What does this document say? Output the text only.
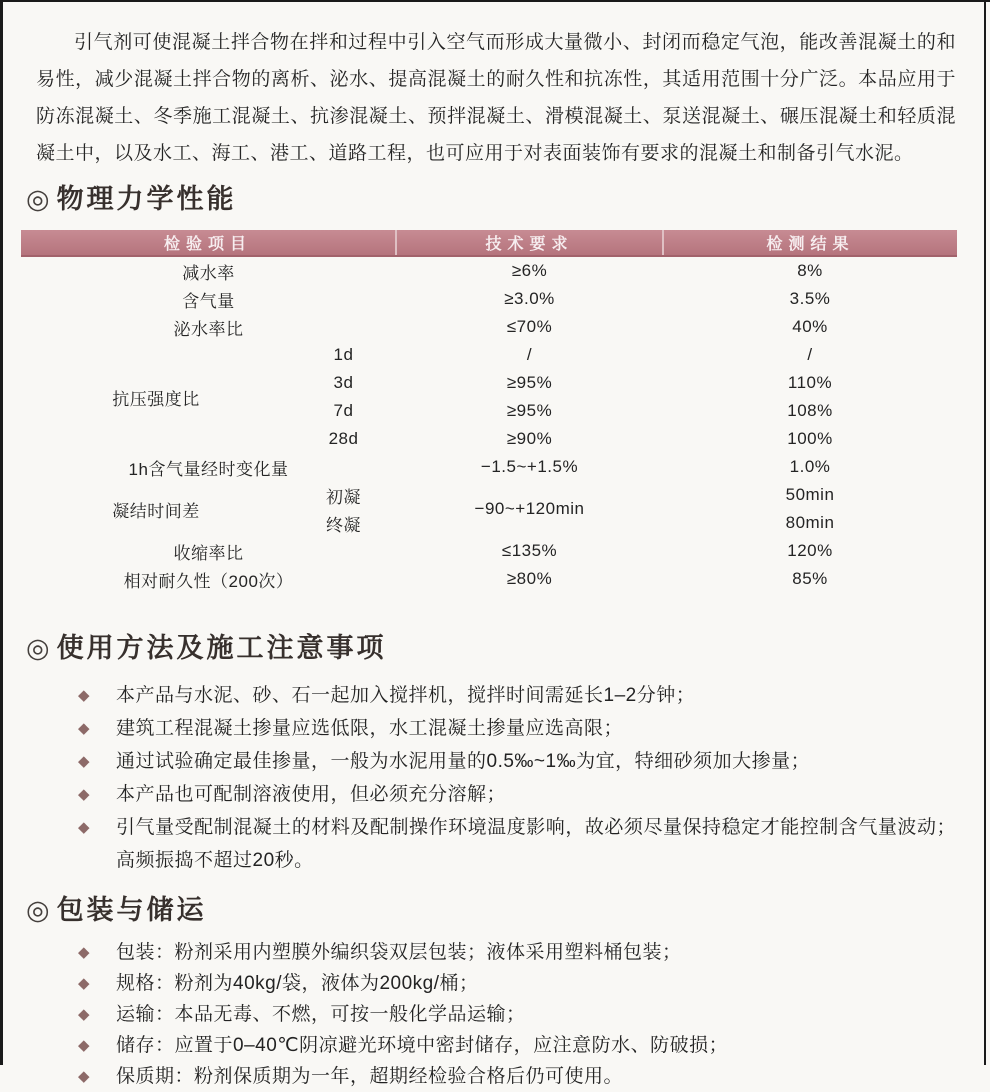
引气剂可使混凝土拌合物在拌和过程中引入空气而形成大量微小、封闭而稳定气泡，能改善混凝土的和易性，减少混凝土拌合物的离析、泌水、提高混凝土的耐久性和抗冻性，其适用范围十分广泛。本品应用于防冻混凝土、冬季施工混凝土、抗渗混凝土、预拌混凝土、滑模混凝土、泵送混凝土、碾压混凝土和轻质混凝土中，以及水工、海工、港工、道路工程，也可应用于对表面装饰有要求的混凝土和制备引气水泥。

◎ 物理力学性能
检验项目		技术要求	检测结果
减水率		≥6%	8%
含气量		≥3.0%	3.5%
泌水率比		≤70%	40%
抗压强度比	1d	/	/
	3d	≥95%	110%
	7d	≥95%	108%
	28d	≥90%	100%
1h含气量经时变化量		−1.5~+1.5%	1.0%
凝结时间差	初凝	−90~+120min	50min
	终凝		80min
收缩率比		≤135%	120%
相对耐久性（200次）		≥80%	85%
◎ 使用方法及施工注意事项
◆ 本产品与水泥、砂、石一起加入搅拌机，搅拌时间需延长1–2分钟；
◆ 建筑工程混凝土掺量应选低限，水工混凝土掺量应选高限；
◆ 通过试验确定最佳掺量，一般为水泥用量的0.5‰~1‰为宜，特细砂须加大掺量；
◆ 本产品也可配制溶液使用，但必须充分溶解；
◆ 引气量受配制混凝土的材料及配制操作环境温度影响，故必须尽量保持稳定才能控制含气量波动；高频振捣不超过20秒。
◎ 包装与储运
◆ 包装：粉剂采用内塑膜外编织袋双层包装；液体采用塑料桶包装；
◆ 规格：粉剂为40kg/袋，液体为200kg/桶；
◆ 运输：本品无毒、不燃，可按一般化学品运输；
◆ 储存：应置于0–40℃阴凉避光环境中密封储存，应注意防水、防破损；
◆ 保质期：粉剂保质期为一年，超期经检验合格后仍可使用。
